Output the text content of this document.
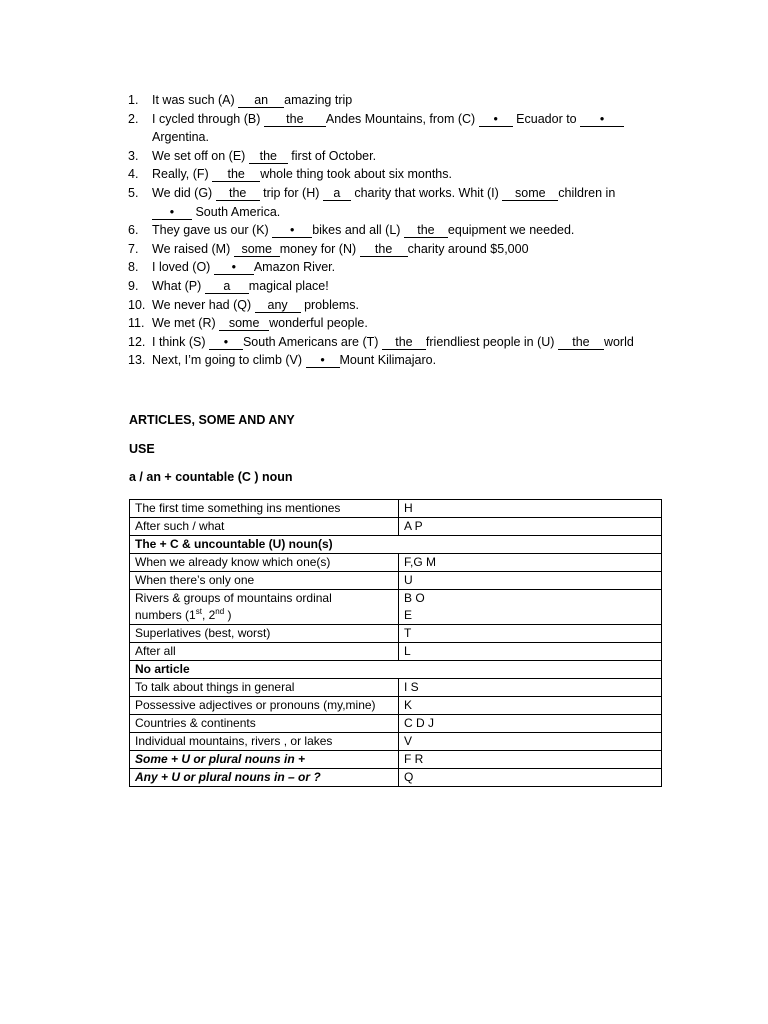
1. It was such (A) an amazing trip
2. I cycled through (B) the Andes Mountains, from (C) • Ecuador to •
Argentina.
3. We set off on (E) the first of October.
4. Really, (F) the whole thing took about six months.
5. We did (G) the trip for (H) a charity that works. Whit (I) some children in
• South America.
6. They gave us our (K) • bikes and all (L) the equipment we needed.
7. We raised (M) some money for (N) the charity around $5,000
8. I loved (O) • Amazon River.
9. What (P) a magical place!
10. We never had (Q) any problems.
11. We met (R) some wonderful people.
12. I think (S) • South Americans are (T) the friendliest people in (U) the world
13. Next, I’m going to climb (V) • Mount Kilimajaro.
ARTICLES, SOME AND ANY
USE
a / an + countable (C ) noun
The first time something ins mentiones	H
After such / what	A P
The + C & uncountable (U) noun(s)	
When we already know which one(s)	F,G M
When there’s only one	U
Rivers & groups of mountains ordinal
numbers (1st, 2nd )	B O
E
Superlatives (best, worst)	T
After all	L
No article	
To talk about things in general	I S
Possessive adjectives or pronouns (my,mine)	K
Countries & continents	C D J
Individual mountains, rivers , or lakes	V
Some + U or plural nouns in +	F R
Any + U or plural nouns in – or ?	Q
